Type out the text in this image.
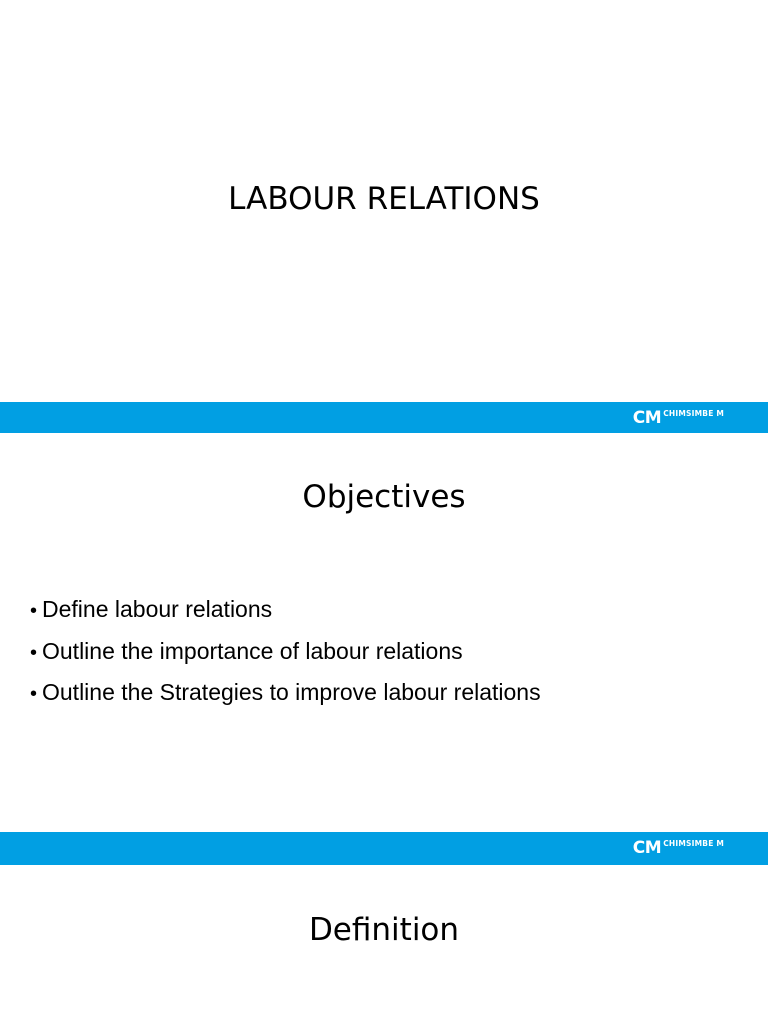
LABOUR RELATIONS
CM CHIMSIMBE M
Objectives
CM CHIMSIMBE M
• Define labour relations
• Outline the importance of labour relations
• Outline the Strategies to improve labour relations
Definition
